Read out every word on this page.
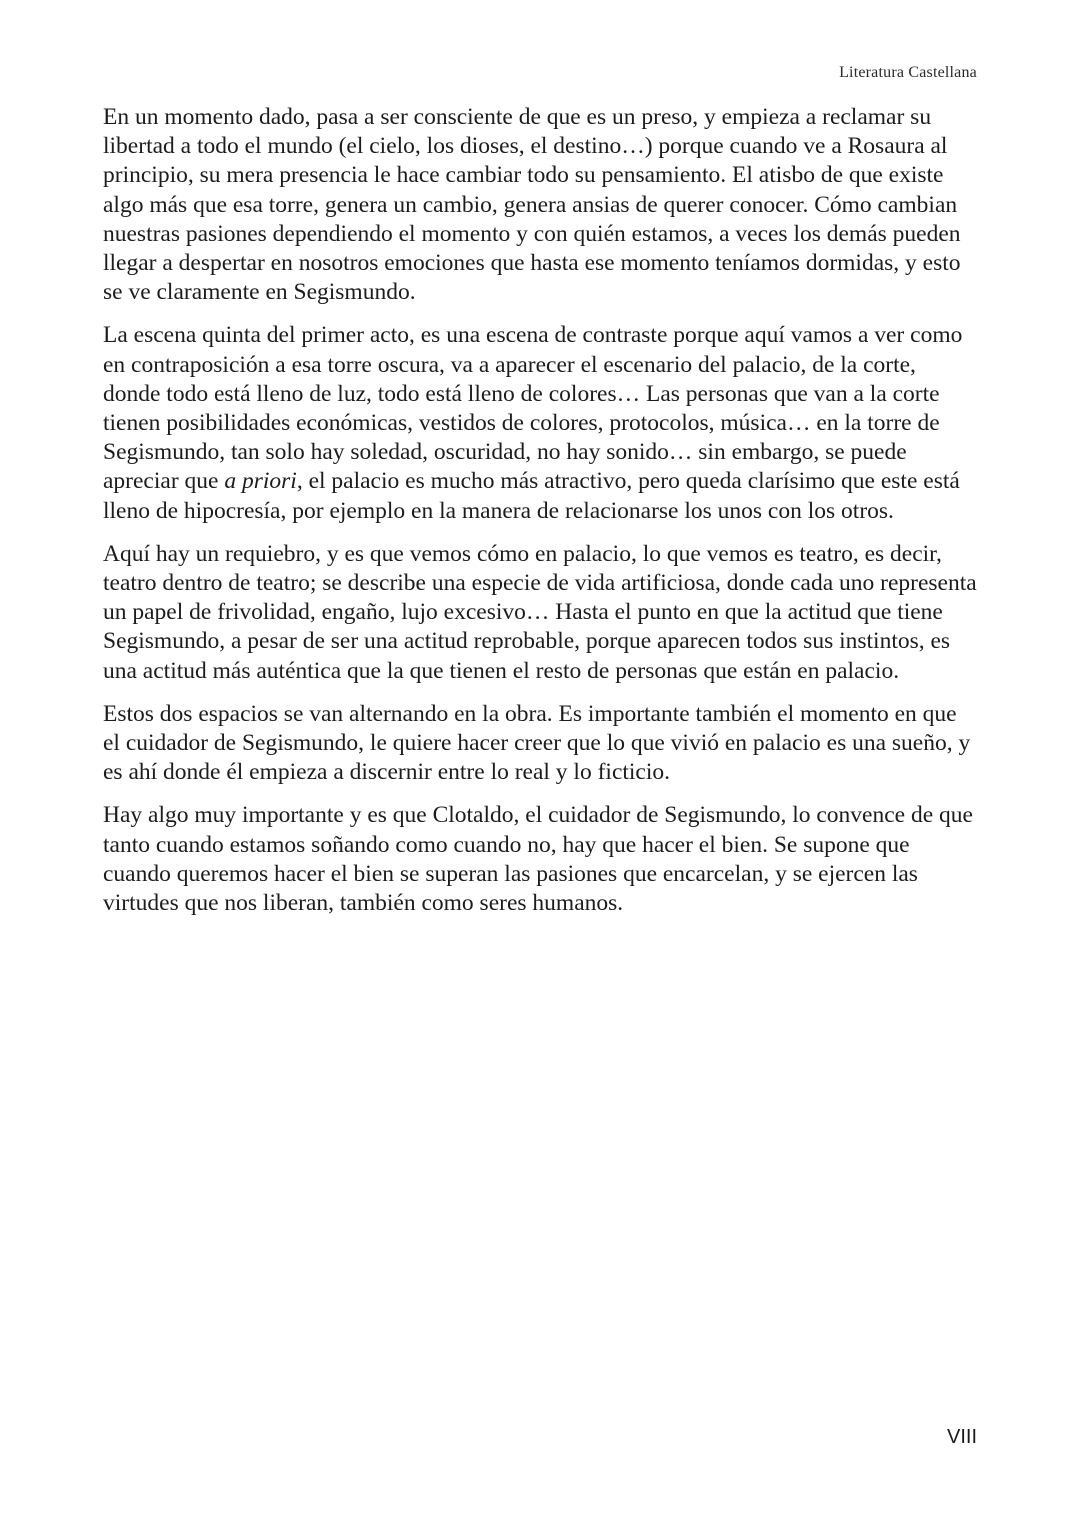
Literatura Castellana

En un momento dado, pasa a ser consciente de que es un preso, y empieza a reclamar su libertad a todo el mundo (el cielo, los dioses, el destino…) porque cuando ve a Rosaura al principio, su mera presencia le hace cambiar todo su pensamiento. El atisbo de que existe algo más que esa torre, genera un cambio, genera ansias de querer conocer. Cómo cambian nuestras pasiones dependiendo el momento y con quién estamos, a veces los demás pueden llegar a despertar en nosotros emociones que hasta ese momento teníamos dormidas, y esto se ve claramente en Segismundo.

La escena quinta del primer acto, es una escena de contraste porque aquí vamos a ver como en contraposición a esa torre oscura, va a aparecer el escenario del palacio, de la corte, donde todo está lleno de luz, todo está lleno de colores… Las personas que van a la corte tienen posibilidades económicas, vestidos de colores, protocolos, música… en la torre de Segismundo, tan solo hay soledad, oscuridad, no hay sonido… sin embargo, se puede apreciar que a priori, el palacio es mucho más atractivo, pero queda clarísimo que este está lleno de hipocresía, por ejemplo en la manera de relacionarse los unos con los otros.

Aquí hay un requiebro, y es que vemos cómo en palacio, lo que vemos es teatro, es decir, teatro dentro de teatro; se describe una especie de vida artificiosa, donde cada uno representa un papel de frivolidad, engaño, lujo excesivo… Hasta el punto en que la actitud que tiene Segismundo, a pesar de ser una actitud reprobable, porque aparecen todos sus instintos, es una actitud más auténtica que la que tienen el resto de personas que están en palacio.

Estos dos espacios se van alternando en la obra. Es importante también el momento en que el cuidador de Segismundo, le quiere hacer creer que lo que vivió en palacio es una sueño, y es ahí donde él empieza a discernir entre lo real y lo ficticio.

Hay algo muy importante y es que Clotaldo, el cuidador de Segismundo, lo convence de que tanto cuando estamos soñando como cuando no, hay que hacer el bien. Se supone que cuando queremos hacer el bien se superan las pasiones que encarcelan, y se ejercen las virtudes que nos liberan, también como seres humanos.

VIII
